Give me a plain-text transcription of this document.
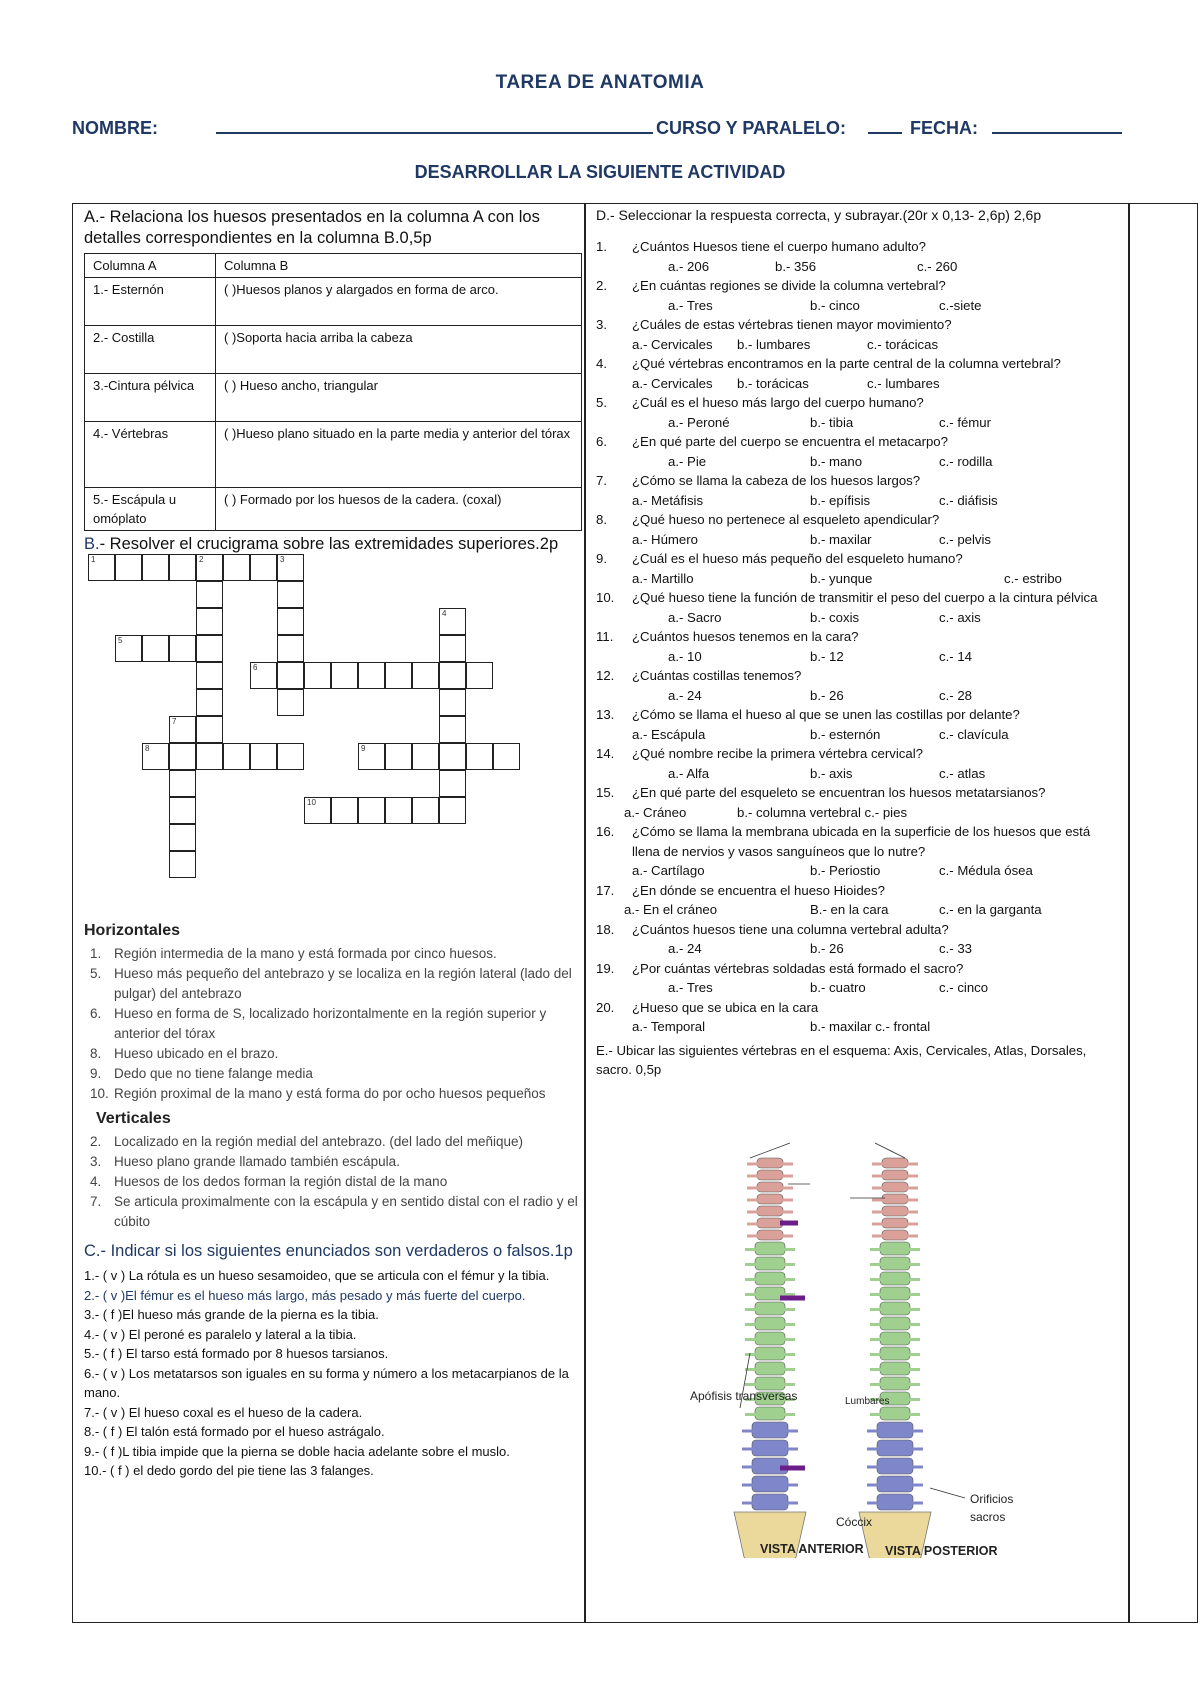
TAREA DE ANATOMIA
NOMBRE:	CURSO Y PARALELO:	FECHA:
DESARROLLAR LA SIGUIENTE ACTIVIDAD
A.- Relaciona los huesos presentados en la columna A con los detalles correspondientes en la columna B.0,5p
Columna A	Columna B
1.- Esternón	( )Huesos planos y alargados en forma de arco.
2.- Costilla	( )Soporta hacia arriba la cabeza
3.-Cintura pélvica	( ) Hueso ancho, triangular
4.- Vértebras	( )Hueso plano situado en la parte media y anterior del tórax
5.- Escápula u omóplato	( ) Formado por los huesos de la cadera. (coxal)
B.- Resolver el crucigrama sobre las extremidades superiores.2p
1	2	3
4
5
6
7
8	9
10
Horizontales
1. Región intermedia de la mano y está formada por cinco huesos.
5. Hueso más pequeño del antebrazo y se localiza en la región lateral (lado del pulgar) del antebrazo
6. Hueso en forma de S, localizado horizontalmente en la región superior y anterior del tórax
8. Hueso ubicado en el brazo.
9. Dedo que no tiene falange media
10. Región proximal de la mano y está forma do por ocho huesos pequeños
Verticales
2. Localizado en la región medial del antebrazo. (del lado del meñique)
3. Hueso plano grande llamado también escápula.
4. Huesos de los dedos forman la región distal de la mano
7. Se articula proximalmente con la escápula y en sentido distal con el radio y el cúbito
C.- Indicar si los siguientes enunciados son verdaderos o falsos.1p
1.- ( v ) La rótula es un hueso sesamoideo, que se articula con el fémur y la tibia.
2.- ( v )El fémur es el hueso más largo, más pesado y más fuerte del cuerpo.
3.- ( f )El hueso más grande de la pierna es la tibia.
4.- ( v ) El peroné es paralelo y lateral a la tibia.
5.- ( f ) El tarso está formado por 8 huesos tarsianos.
6.- ( v ) Los metatarsos son iguales en su forma y número a los metacarpianos de la mano.
7.- ( v ) El hueso coxal es el hueso de la cadera.
8.- ( f ) El talón está formado por el hueso astrágalo.
9.- ( f )L tibia impide que la pierna se doble hacia adelante sobre el muslo.
10.- ( f ) el dedo gordo del pie tiene las 3 falanges.
D.- Seleccionar la respuesta correcta, y subrayar.(20r x 0,13- 2,6p) 2,6p
1. ¿Cuántos Huesos tiene el cuerpo humano adulto?
a.- 206	b.- 356	c.- 260
2. ¿En cuántas regiones se divide la columna vertebral?
a.- Tres	b.- cinco	c.-siete
3. ¿Cuáles de estas vértebras tienen mayor movimiento?
a.- Cervicales b.- lumbares	c.- torácicas
4. ¿Qué vértebras encontramos en la parte central de la columna vertebral?
a.- Cervicales b.- torácicas	c.- lumbares
5. ¿Cuál es el hueso más largo del cuerpo humano?
a.- Peroné	b.- tibia	c.- fémur
6. ¿En qué parte del cuerpo se encuentra el metacarpo?
a.- Pie	b.- mano	c.- rodilla
7. ¿Cómo se llama la cabeza de los huesos largos?
a.- Metáfisis	b.- epífisis	c.- diáfisis
8. ¿Qué hueso no pertenece al esqueleto apendicular?
a.- Húmero	b.- maxilar	c.- pelvis
9. ¿Cuál es el hueso más pequeño del esqueleto humano?
a.- Martillo	b.- yunque	c.- estribo
10. ¿Qué hueso tiene la función de transmitir el peso del cuerpo a la cintura pélvica
a.- Sacro	b.- coxis	c.- axis
11. ¿Cuántos huesos tenemos en la cara?
a.- 10	b.- 12	c.- 14
12. ¿Cuántas costillas tenemos?
a.- 24	b.- 26	c.- 28
13. ¿Cómo se llama el hueso al que se unen las costillas por delante?
a.- Escápula	b.- esternón	c.- clavícula
14. ¿Qué nombre recibe la primera vértebra cervical?
a.- Alfa	b.- axis	c.- atlas
15. ¿En qué parte del esqueleto se encuentran los huesos metatarsianos?
a.- Cráneo	b.- columna vertebral c.- pies
16. ¿Cómo se llama la membrana ubicada en la superficie de los huesos que está llena de nervios y vasos sanguíneos que lo nutre?
a.- Cartílago	b.- Periostio	c.- Médula ósea
17. ¿En dónde se encuentra el hueso Hioides?
a.- En el cráneo	B.- en la cara	c.- en la garganta
18. ¿Cuántos huesos tiene una columna vertebral adulta?
a.- 24	b.- 26	c.- 33
19. ¿Por cuántas vértebras soldadas está formado el sacro?
a.- Tres	b.- cuatro	c.- cinco
20. ¿Hueso que se ubica en la cara
a.- Temporal	b.- maxilar c.- frontal
E.- Ubicar las siguientes vértebras en el esquema: Axis, Cervicales, Atlas, Dorsales, sacro. 0,5p
Apófisis transversas	Lumbares
Cóccix
Orificios sacros
VISTA ANTERIOR VISTA POSTERIOR
